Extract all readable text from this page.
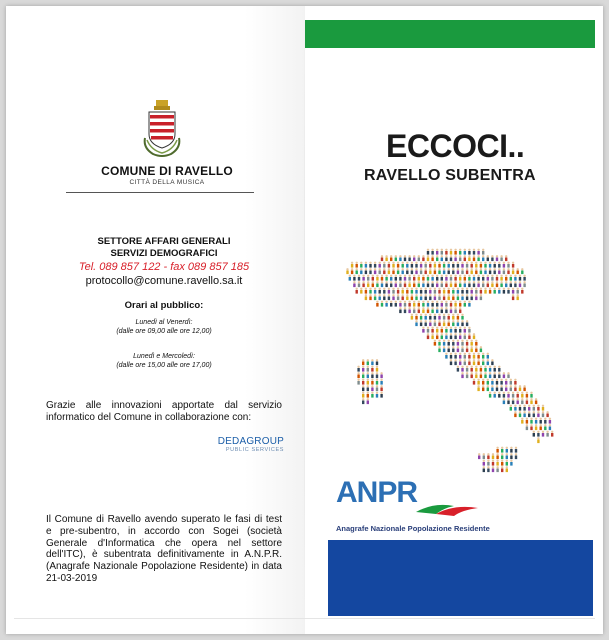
COMUNE DI RAVELLO
CITTÀ DELLA MUSICA
SETTORE AFFARI GENERALI
SERVIZI DEMOGRAFICI
Tel. 089 857 122 - fax 089 857 185
protocollo@comune.ravello.sa.it
Orari al pubblico:
Lunedì al Venerdì:
(dalle ore 09,00 alle ore 12,00)
Lunedì e Mercoledì:
(dalle ore 15,00 alle ore 17,00)
Grazie alle innovazioni apportate dal servizio informatico del Comune in collaborazione con:
DEDAGROUP
PUBLIC SERVICES
Il Comune di Ravello avendo superato le fasi di test e pre-subentro, in accordo con Sogei (società Generale d'Informatica che opera nel settore dell'ITC), è subentrata definitivamente in A.N.P.R. (Anagrafe Nazionale Popolazione Residente) in data 21-03-2019
ECCOCI..
RAVELLO SUBENTRA
ANPR
Anagrafe Nazionale Popolazione Residente
